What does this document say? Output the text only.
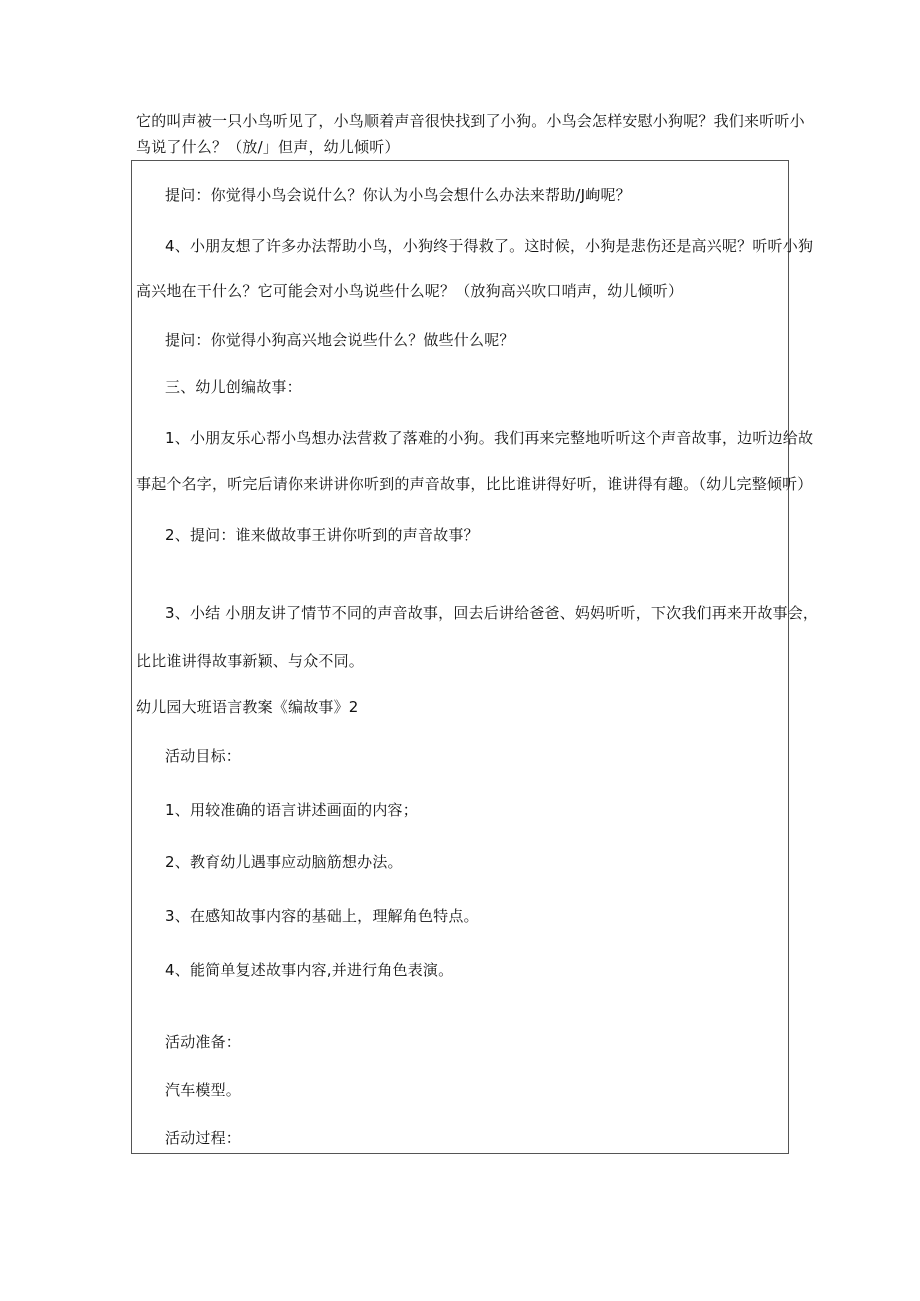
它的叫声被一只小鸟听见了，小鸟顺着声音很快找到了小狗。小鸟会怎样安慰小狗呢？我们来听听小
鸟说了什么？（放/」但声，幼儿倾听）
提问：你觉得小鸟会说什么？你认为小鸟会想什么办法来帮助/J峋呢？
4、小朋友想了许多办法帮助小鸟，小狗终于得救了。这时候，小狗是悲伤还是高兴呢？听听小狗
高兴地在干什么？它可能会对小鸟说些什么呢？（放狗高兴吹口哨声，幼儿倾听）
提问：你觉得小狗高兴地会说些什么？做些什么呢？
三、幼儿创编故事：
1、小朋友乐心帮小鸟想办法营救了落难的小狗。我们再来完整地听听这个声音故事，边听边给故
事起个名字，听完后请你来讲讲你听到的声音故事，比比谁讲得好听，谁讲得有趣。（幼儿完整倾听）
2、提问：谁来做故事王讲你听到的声音故事？
3、小结 小朋友讲了情节不同的声音故事，回去后讲给爸爸、妈妈听听，下次我们再来开故事会，
比比谁讲得故事新颖、与众不同。
幼儿园大班语言教案《编故事》2
活动目标：
1、用较准确的语言讲述画面的内容；
2、教育幼儿遇事应动脑筋想办法。
3、在感知故事内容的基础上，理解角色特点。
4、能简单复述故事内容,并进行角色表演。
活动准备：
汽车模型。
活动过程：
